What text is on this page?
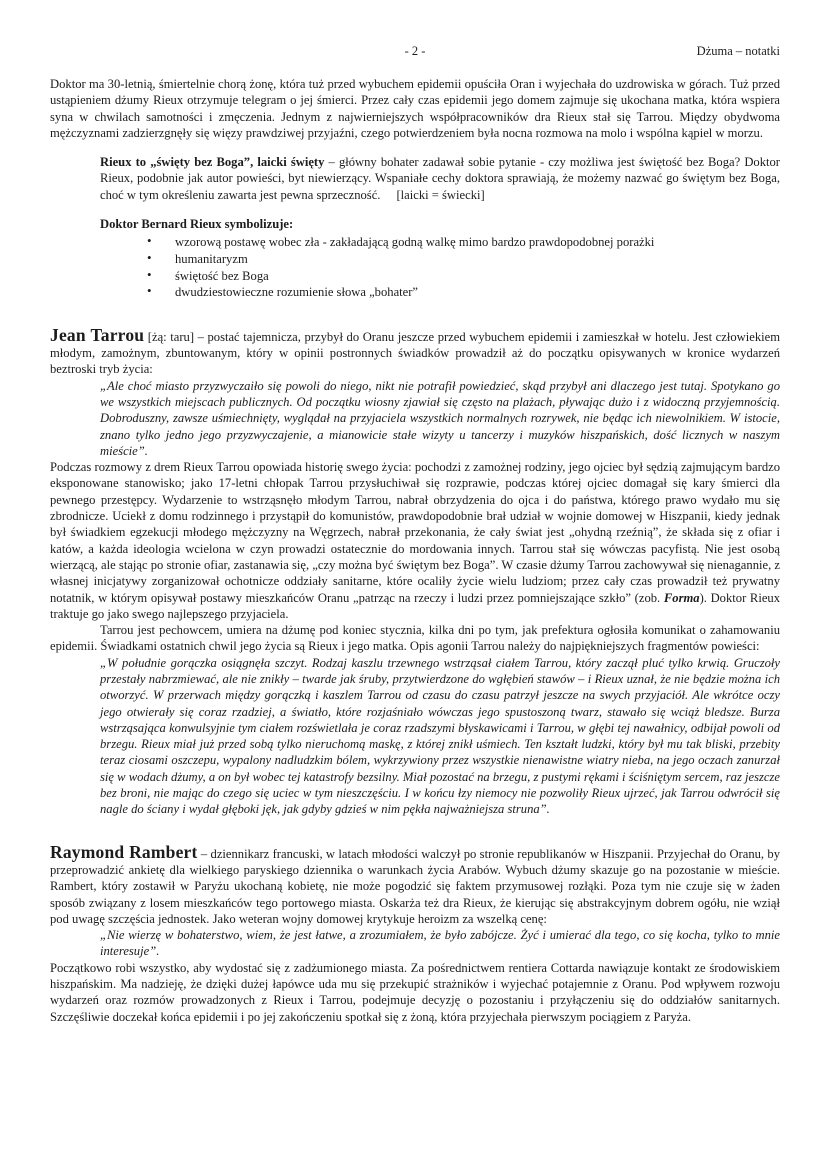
- 2 -	Dżuma – notatki

Doktor ma 30-letnią, śmiertelnie chorą żonę, która tuż przed wybuchem epidemii opuściła Oran i wyjechała do uzdrowiska w górach. Tuż przed ustąpieniem dżumy Rieux otrzymuje telegram o jej śmierci. Przez cały czas epidemii jego domem zajmuje się ukochana matka, która wspiera syna w chwilach samotności i zmęczenia. Jednym z najwierniejszych współpracowników dra Rieux stał się Tarrou. Między obydwoma mężczyznami zadzierzgnęły się więzy prawdziwej przyjaźni, czego potwierdzeniem była nocna rozmowa na molo i wspólna kąpiel w morzu.

Rieux to „święty bez Boga”, laicki święty – główny bohater zadawał sobie pytanie - czy możliwa jest świętość bez Boga? Doktor Rieux, podobnie jak autor powieści, byt niewierzący. Wspaniałe cechy doktora sprawiają, że możemy nazwać go świętym bez Boga, choć w tym określeniu zawarta jest pewna sprzeczność. [laicki = świecki]

Doktor Bernard Rieux symbolizuje:

• wzorową postawę wobec zła - zakładającą godną walkę mimo bardzo prawdopodobnej porażki
• humanitaryzm
• świętość bez Boga
• dwudziestowieczne rozumienie słowa „bohater”

Jean Tarrou [żą: taru] – postać tajemnicza, przybył do Oranu jeszcze przed wybuchem epidemii i zamieszkał w hotelu. Jest człowiekiem młodym, zamożnym, zbuntowanym, który w opinii postronnych świadków prowadził aż do początku opisywanych w kronice wydarzeń beztroski tryb życia:

„Ale choć miasto przyzwyczaiło się powoli do niego, nikt nie potrafił powiedzieć, skąd przybył ani dlaczego jest tutaj. Spotykano go we wszystkich miejscach publicznych. Od początku wiosny zjawiał się często na plażach, pływając dużo i z widoczną przyjemnością. Dobroduszny, zawsze uśmiechnięty, wyglądał na przyjaciela wszystkich normalnych rozrywek, nie będąc ich niewolnikiem. W istocie, znano tylko jedno jego przyzwyczajenie, a mianowicie stałe wizyty u tancerzy i muzyków hiszpańskich, dość licznych w naszym mieście”.

Podczas rozmowy z drem Rieux Tarrou opowiada historię swego życia: pochodzi z zamożnej rodziny, jego ojciec był sędzią zajmującym bardzo eksponowane stanowisko; jako 17-letni chłopak Tarrou przysłuchiwał się rozprawie, podczas której ojciec domagał się kary śmierci dla pewnego przestępcy. Wydarzenie to wstrząsnęło młodym Tarrou, nabrał obrzydzenia do ojca i do państwa, którego prawo wydało mu się zbrodnicze. Uciekł z domu rodzinnego i przystąpił do komunistów, prawdopodobnie brał udział w wojnie domowej w Hiszpanii, kiedy jednak był świadkiem egzekucji młodego mężczyzny na Węgrzech, nabrał przekonania, że cały świat jest „ohydną rzeźnią”, że składa się z ofiar i katów, a każda ideologia wcielona w czyn prowadzi ostatecznie do mordowania innych. Tarrou stał się wówczas pacyfistą. Nie jest osobą wierzącą, ale stając po stronie ofiar, zastanawia się, „czy można być świętym bez Boga”. W czasie dżumy Tarrou zachowywał się nienagannie, z własnej inicjatywy zorganizował ochotnicze oddziały sanitarne, które ocaliły życie wielu ludziom; przez cały czas prowadził też prywatny notatnik, w którym opisywał postawy mieszkańców Oranu „patrząc na rzeczy i ludzi przez pomniejszające szkło” (zob. Forma). Doktor Rieux traktuje go jako swego najlepszego przyjaciela.

Tarrou jest pechowcem, umiera na dżumę pod koniec stycznia, kilka dni po tym, jak prefektura ogłosiła komunikat o zahamowaniu epidemii. Świadkami ostatnich chwil jego życia są Rieux i jego matka. Opis agonii Tarrou należy do najpiękniejszych fragmentów powieści:

„W południe gorączka osiągnęła szczyt. Rodzaj kaszlu trzewnego wstrząsał ciałem Tarrou, który zaczął pluć tylko krwią. Gruczoły przestały nabrzmiewać, ale nie znikły – twarde jak śruby, przytwierdzone do wgłębień stawów – i Rieux uznał, że nie będzie można ich otworzyć. W przerwach między gorączką i kaszlem Tarrou od czasu do czasu patrzył jeszcze na swych przyjaciół. Ale wkrótce oczy jego otwierały się coraz rzadziej, a światło, które rozjaśniało wówczas jego spustoszoną twarz, stawało się wciąż bledsze. Burza wstrząsająca konwulsyjnie tym ciałem rozświetlała je coraz rzadszymi błyskawicami i Tarrou, w głębi tej nawałnicy, odbijał powoli od brzegu. Rieux miał już przed sobą tylko nieruchomą maskę, z której znikł uśmiech. Ten kształt ludzki, który był mu tak bliski, przebity teraz ciosami oszczepu, wypalony nadludzkim bólem, wykrzywiony przez wszystkie nienawistne wiatry nieba, na jego oczach zanurzał się w wodach dżumy, a on był wobec tej katastrofy bezsilny. Miał pozostać na brzegu, z pustymi rękami i ściśniętym sercem, raz jeszcze bez broni, nie mając do czego się uciec w tym nieszczęściu. I w końcu łzy niemocy nie pozwoliły Rieux ujrzeć, jak Tarrou odwrócił się nagle do ściany i wydał głęboki jęk, jak gdyby gdzieś w nim pękła najważniejsza struna”.

Raymond Rambert – dziennikarz francuski, w latach młodości walczył po stronie republikanów w Hiszpanii. Przyjechał do Oranu, by przeprowadzić ankietę dla wielkiego paryskiego dziennika o warunkach życia Arabów. Wybuch dżumy skazuje go na pozostanie w mieście. Rambert, który zostawił w Paryżu ukochaną kobietę, nie może pogodzić się faktem przymusowej rozłąki. Poza tym nie czuje się w żaden sposób związany z losem mieszkańców tego portowego miasta. Oskarża też dra Rieux, że kierując się abstrakcyjnym dobrem ogółu, nie wziął pod uwagę szczęścia jednostek. Jako weteran wojny domowej krytykuje heroizm za wszelką cenę:

„Nie wierzę w bohaterstwo, wiem, że jest łatwe, a zrozumiałem, że było zabójcze. Żyć i umierać dla tego, co się kocha, tylko to mnie interesuje”.

Początkowo robi wszystko, aby wydostać się z zadżumionego miasta. Za pośrednictwem rentiera Cottarda nawiązuje kontakt ze środowiskiem hiszpańskim. Ma nadzieję, że dzięki dużej łapówce uda mu się przekupić strażników i wyjechać potajemnie z Oranu. Pod wpływem rozwoju wydarzeń oraz rozmów prowadzonych z Rieux i Tarrou, podejmuje decyzję o pozostaniu i przyłączeniu się do oddziałów sanitarnych. Szczęśliwie doczekał końca epidemii i po jej zakończeniu spotkał się z żoną, która przyjechała pierwszym pociągiem z Paryża.
